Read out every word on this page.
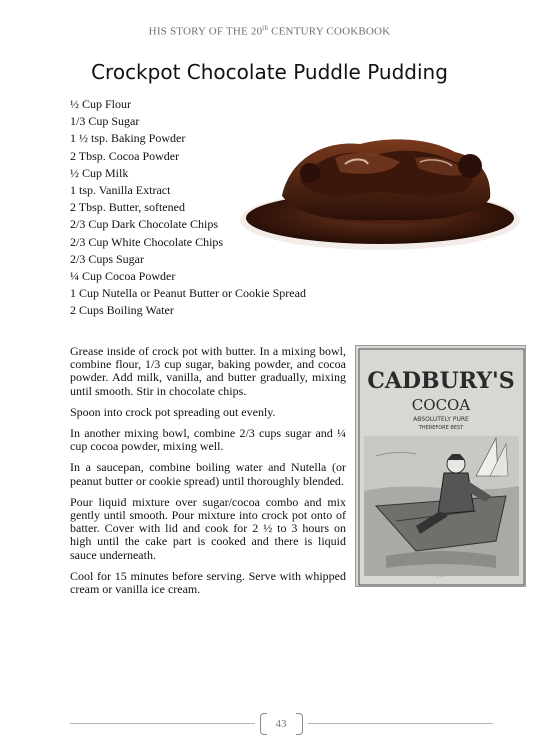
HIS STORY OF THE 20th CENTURY COOKBOOK
Crockpot Chocolate Puddle Pudding
½ Cup Flour
1/3 Cup Sugar
1 ½ tsp. Baking Powder
2 Tbsp. Cocoa Powder
½ Cup Milk
1 tsp. Vanilla Extract
2 Tbsp. Butter, softened
2/3 Cup Dark Chocolate Chips
2/3 Cup White Chocolate Chips
2/3 Cups Sugar
¼ Cup Cocoa Powder
1 Cup Nutella or Peanut Butter or Cookie Spread
2 Cups Boiling Water

Grease inside of crock pot with butter. In a mixing bowl, combine flour, 1/3 cup sugar, baking powder, and cocoa powder. Add milk, vanilla, and butter gradually, mixing until smooth. Stir in chocolate chips.

Spoon into crock pot spreading out evenly.

In another mixing bowl, combine 2/3 cups sugar and ¼ cup cocoa powder, mixing well.

In a saucepan, combine boiling water and Nutella (or peanut butter or cookie spread) until thoroughly blended.

Pour liquid mixture over sugar/cocoa combo and mix gently until smooth. Pour mixture into crock pot onto of batter. Cover with lid and cook for 2 ½ to 3 hours on high until the cake part is cooked and there is liquid sauce underneath.

Cool for 15 minutes before serving. Serve with whipped cream or vanilla ice cream.

CADBURY'S
COCOA
ABSOLUTELY PURE
THEREFORE BEST
· · ·
43
